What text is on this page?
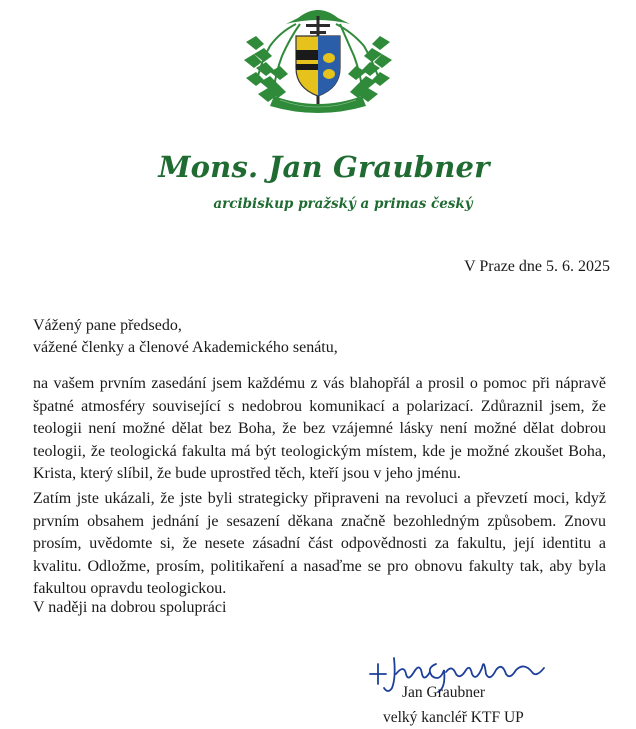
Mons. Jan Graubner
arcibiskup pražský a primas český
V Praze dne 5. 6. 2025
Vážený pane předsedo,
vážené členky a členové Akademického senátu,
na vašem prvním zasedání jsem každému z vás blahopřál a prosil o pomoc při nápravě špatné atmosféry související s nedobrou komunikací a polarizací. Zdůraznil jsem, že teologii není možné dělat bez Boha, že bez vzájemné lásky není možné dělat dobrou teologii, že teologická fakulta má být teologickým místem, kde je možné zkoušet Boha, Krista, který slíbil, že bude uprostřed těch, kteří jsou v jeho jménu.
Zatím jste ukázali, že jste byli strategicky připraveni na revoluci a převzetí moci, když prvním obsahem jednání je sesazení děkana značně bezohledným způsobem. Znovu prosím, uvědomte si, že nesete zásadní část odpovědnosti za fakultu, její identitu a kvalitu. Odložme, prosím, politikaření a nasaďme se pro obnovu fakulty tak, aby byla fakultou opravdu teologickou.
V naději na dobrou spolupráci
Jan Graubner
velký kancléř KTF UP
